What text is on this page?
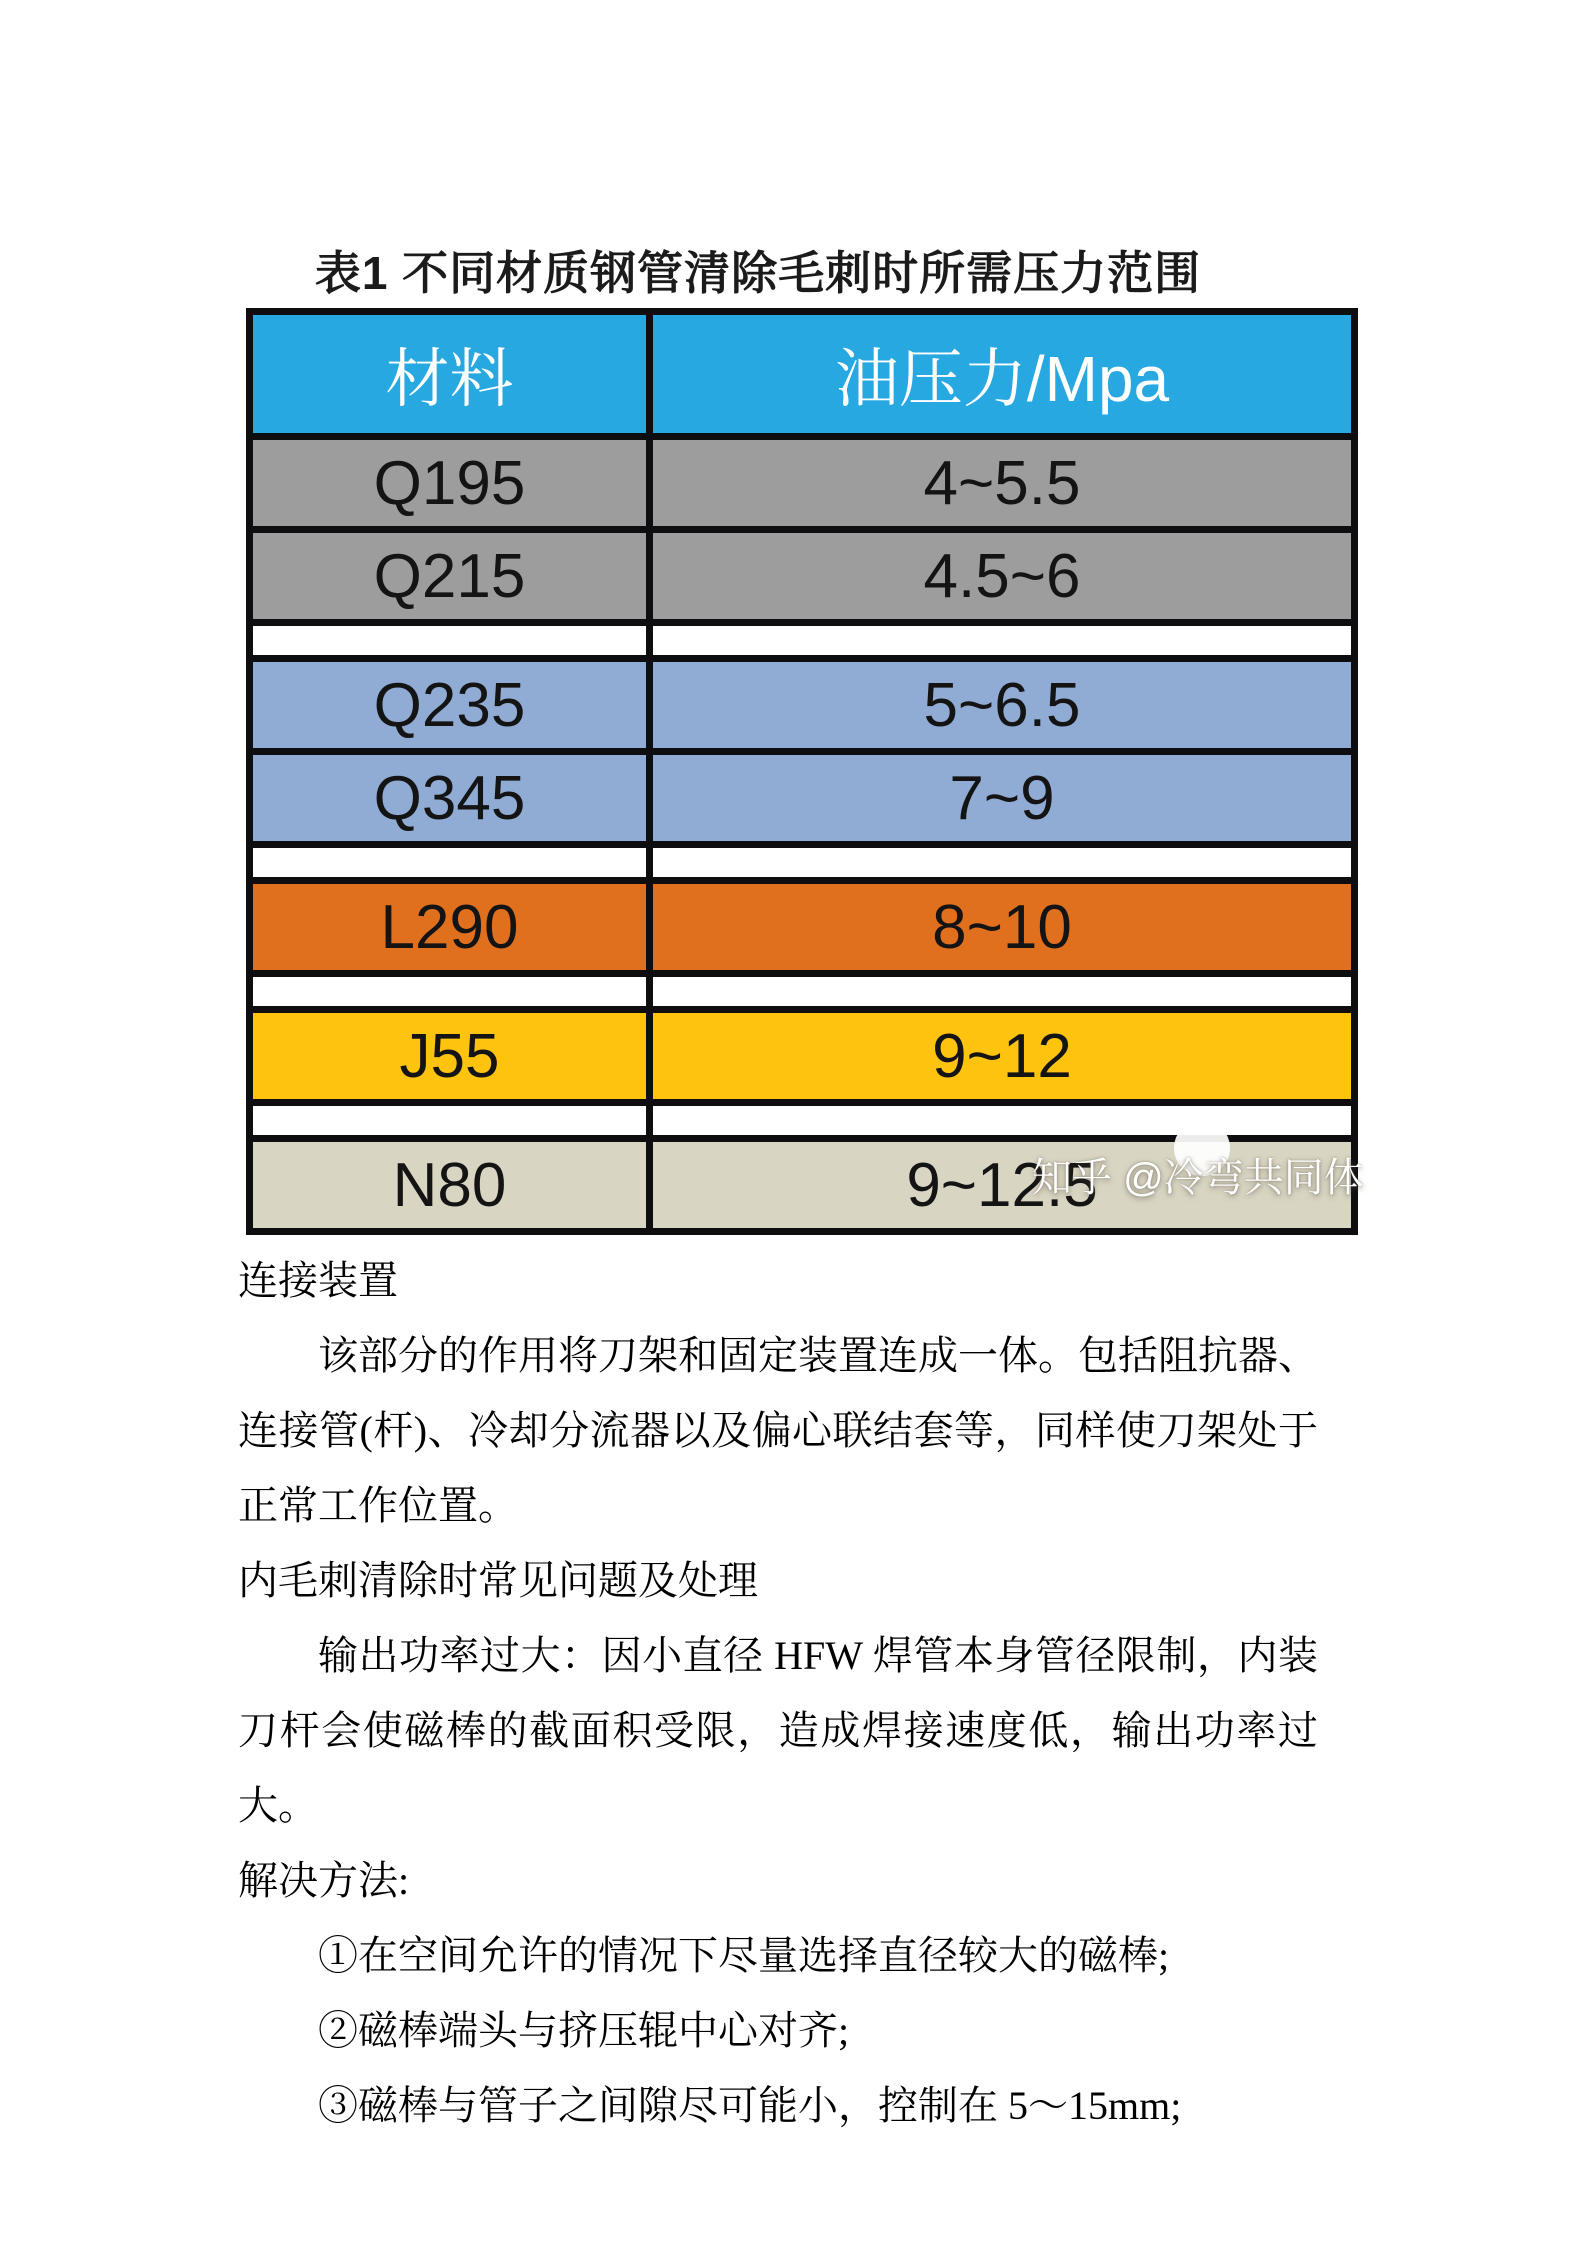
表1 不同材质钢管清除毛刺时所需压力范围
材料	油压力/Mpa
Q195	4~5.5
Q215	4.5~6
Q235	5~6.5
Q345	7~9
L290	8~10
J55	9~12
N80	9~12.5
知乎 @冷弯共同体

连接装置

该部分的作用将刀架和固定装置连成一体。包括阻抗器、连接管(杆)、冷却分流器以及偏心联结套等，同样使刀架处于正常工作位置。

内毛刺清除时常见问题及处理

输出功率过大：因小直径 HFW 焊管本身管径限制，内装刀杆会使磁棒的截面积受限，造成焊接速度低，输出功率过大。

解决方法:

①在空间允许的情况下尽量选择直径较大的磁棒;

②磁棒端头与挤压辊中心对齐;

③磁棒与管子之间隙尽可能小，控制在 5～15mm;
